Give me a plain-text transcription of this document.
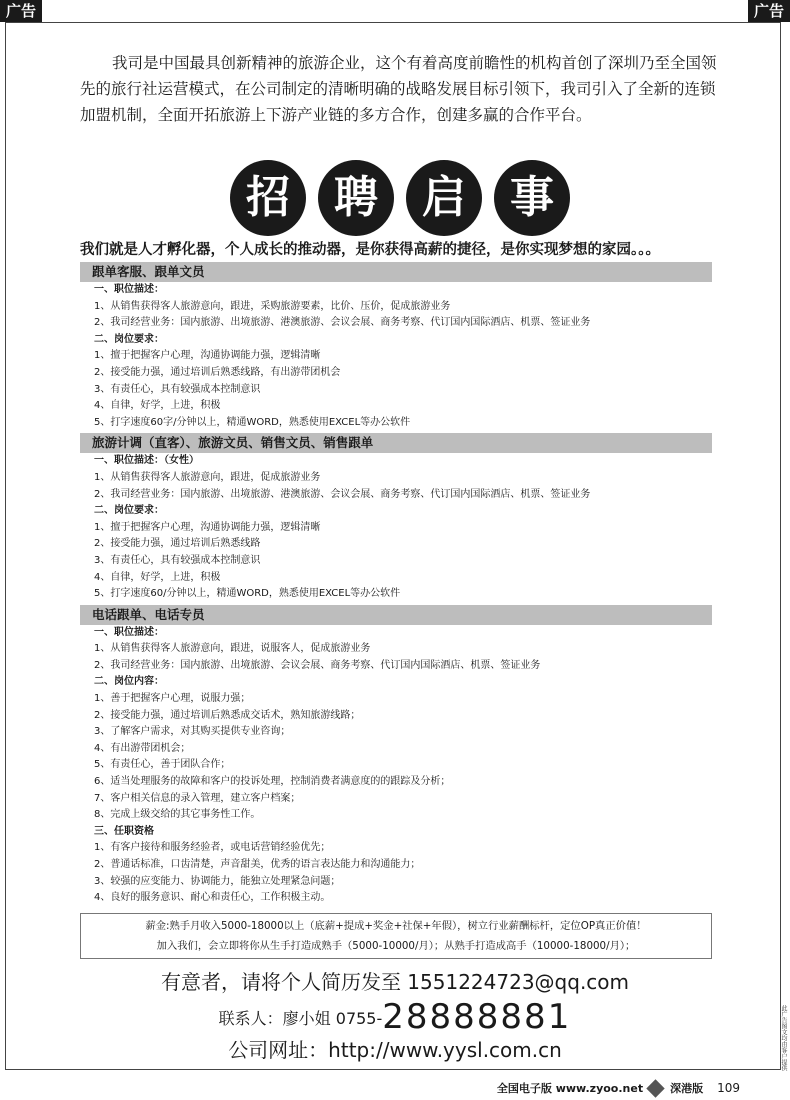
广告	广告
我司是中国最具创新精神的旅游企业，这个有着高度前瞻性的机构首创了深圳乃至全国领先的旅行社运营模式，在公司制定的清晰明确的战略发展目标引领下，我司引入了全新的连锁加盟机制，全面开拓旅游上下游产业链的多方合作，创建多赢的合作平台。
招	聘	启	事
我们就是人才孵化器，个人成长的推动器，是你获得高薪的捷径，是你实现梦想的家园。。。
跟单客服、跟单文员
一、职位描述：
1、从销售获得客人旅游意向，跟进，采购旅游要素，比价、压价，促成旅游业务
2、我司经营业务：国内旅游、出境旅游、港澳旅游、会议会展、商务考察、代订国内国际酒店、机票、签证业务
二、岗位要求：
1、擅于把握客户心理，沟通协调能力强，逻辑清晰
2、接受能力强，通过培训后熟悉线路，有出游带团机会
3、有责任心，具有较强成本控制意识
4、自律，好学，上进，积极
5、打字速度60字/分钟以上，精通WORD，熟悉使用EXCEL等办公软件
旅游计调（直客）、旅游文员、销售文员、销售跟单
一、职位描述：（女性）
1、从销售获得客人旅游意向，跟进，促成旅游业务
2、我司经营业务：国内旅游、出境旅游、港澳旅游、会议会展、商务考察、代订国内国际酒店、机票、签证业务
二、岗位要求：
1、擅于把握客户心理，沟通协调能力强，逻辑清晰
2、接受能力强，通过培训后熟悉线路
3、有责任心，具有较强成本控制意识
4、自律，好学，上进，积极
5、打字速度60/分钟以上，精通WORD，熟悉使用EXCEL等办公软件
电话跟单、电话专员
一、职位描述：
1、从销售获得客人旅游意向，跟进，说服客人，促成旅游业务
2、我司经营业务：国内旅游、出境旅游、会议会展、商务考察、代订国内国际酒店、机票、签证业务
二、岗位内容：
1、善于把握客户心理，说服力强；
2、接受能力强，通过培训后熟悉成交话术，熟知旅游线路；
3、了解客户需求，对其购买提供专业咨询；
4、有出游带团机会；
5、有责任心，善于团队合作；
6、适当处理服务的故障和客户的投诉处理，控制消费者满意度的的跟踪及分析；
7、客户相关信息的录入管理，建立客户档案；
8、完成上级交给的其它事务性工作。
三、任职资格
1、有客户接待和服务经验者，或电话营销经验优先；
2、普通话标准，口齿清楚，声音甜美，优秀的语言表达能力和沟通能力；
3、较强的应变能力、协调能力，能独立处理紧急问题；
4、良好的服务意识、耐心和责任心，工作积极主动。
薪金:熟手月收入5000-18000以上（底薪+提成+奖金+社保+年假），树立行业薪酬标杆，定位OP真正价值！
加入我们，会立即将你从生手打造成熟手（5000-10000/月）；从熟手打造成高手（10000-18000/月）；
有意者，请将个人简历发至 1551224723@qq.com
联系人：廖小姐 0755-28888881
公司网址：http://www.yysl.com.cn
全国电子版 www.zyoo.net 深港版 109
此广告图文均由客户提供
